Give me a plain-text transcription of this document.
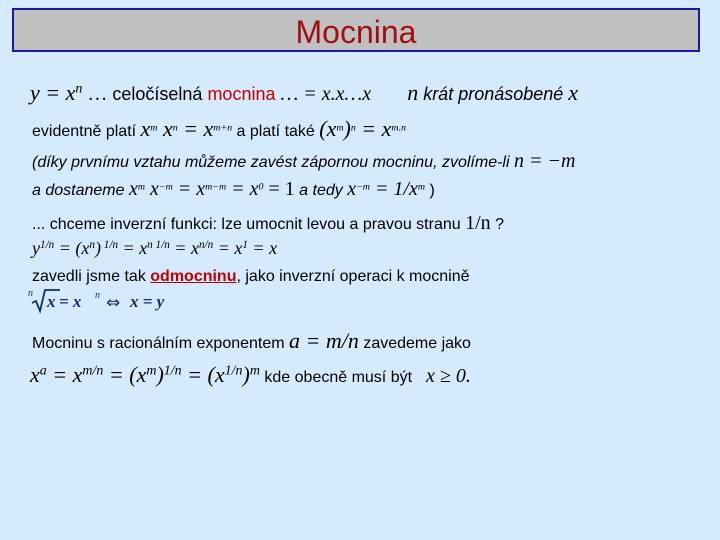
Mocnina
$y = x^n$ … celočíselná mocnina … = x.x…x n krát pronásobené x
evidentně platí $x^m$ $x^n = x^{m+n}$ a platí také $(x^m)^n = x^{m.n}$
(díky prvnímu vztahu můžeme zavést zápornou mocninu, zvolíme-li n = −m
a dostaneme $x^m$ $x^{-m} = x^{m-m} = x^0 = 1$ a tedy $x^{-m} = 1/x^m$ )
... chceme inverzní funkci: lze umocnit levou a pravou stranu 1/n ?
$y^{1/n} = (x^n) ^{1/n} = x^{n 1/n} = x^{n/n} = x^1 = x$
zavedli jsme tak odmocninu, jako inverzní operaci k mocnině
n x = x n ⇔ x = y
Mocninu s racionálním exponentem a = m/n zavedeme jako
xa = xm/n = (xm)1/n = (x1/n)m kde obecně musí být x ≥ 0.
